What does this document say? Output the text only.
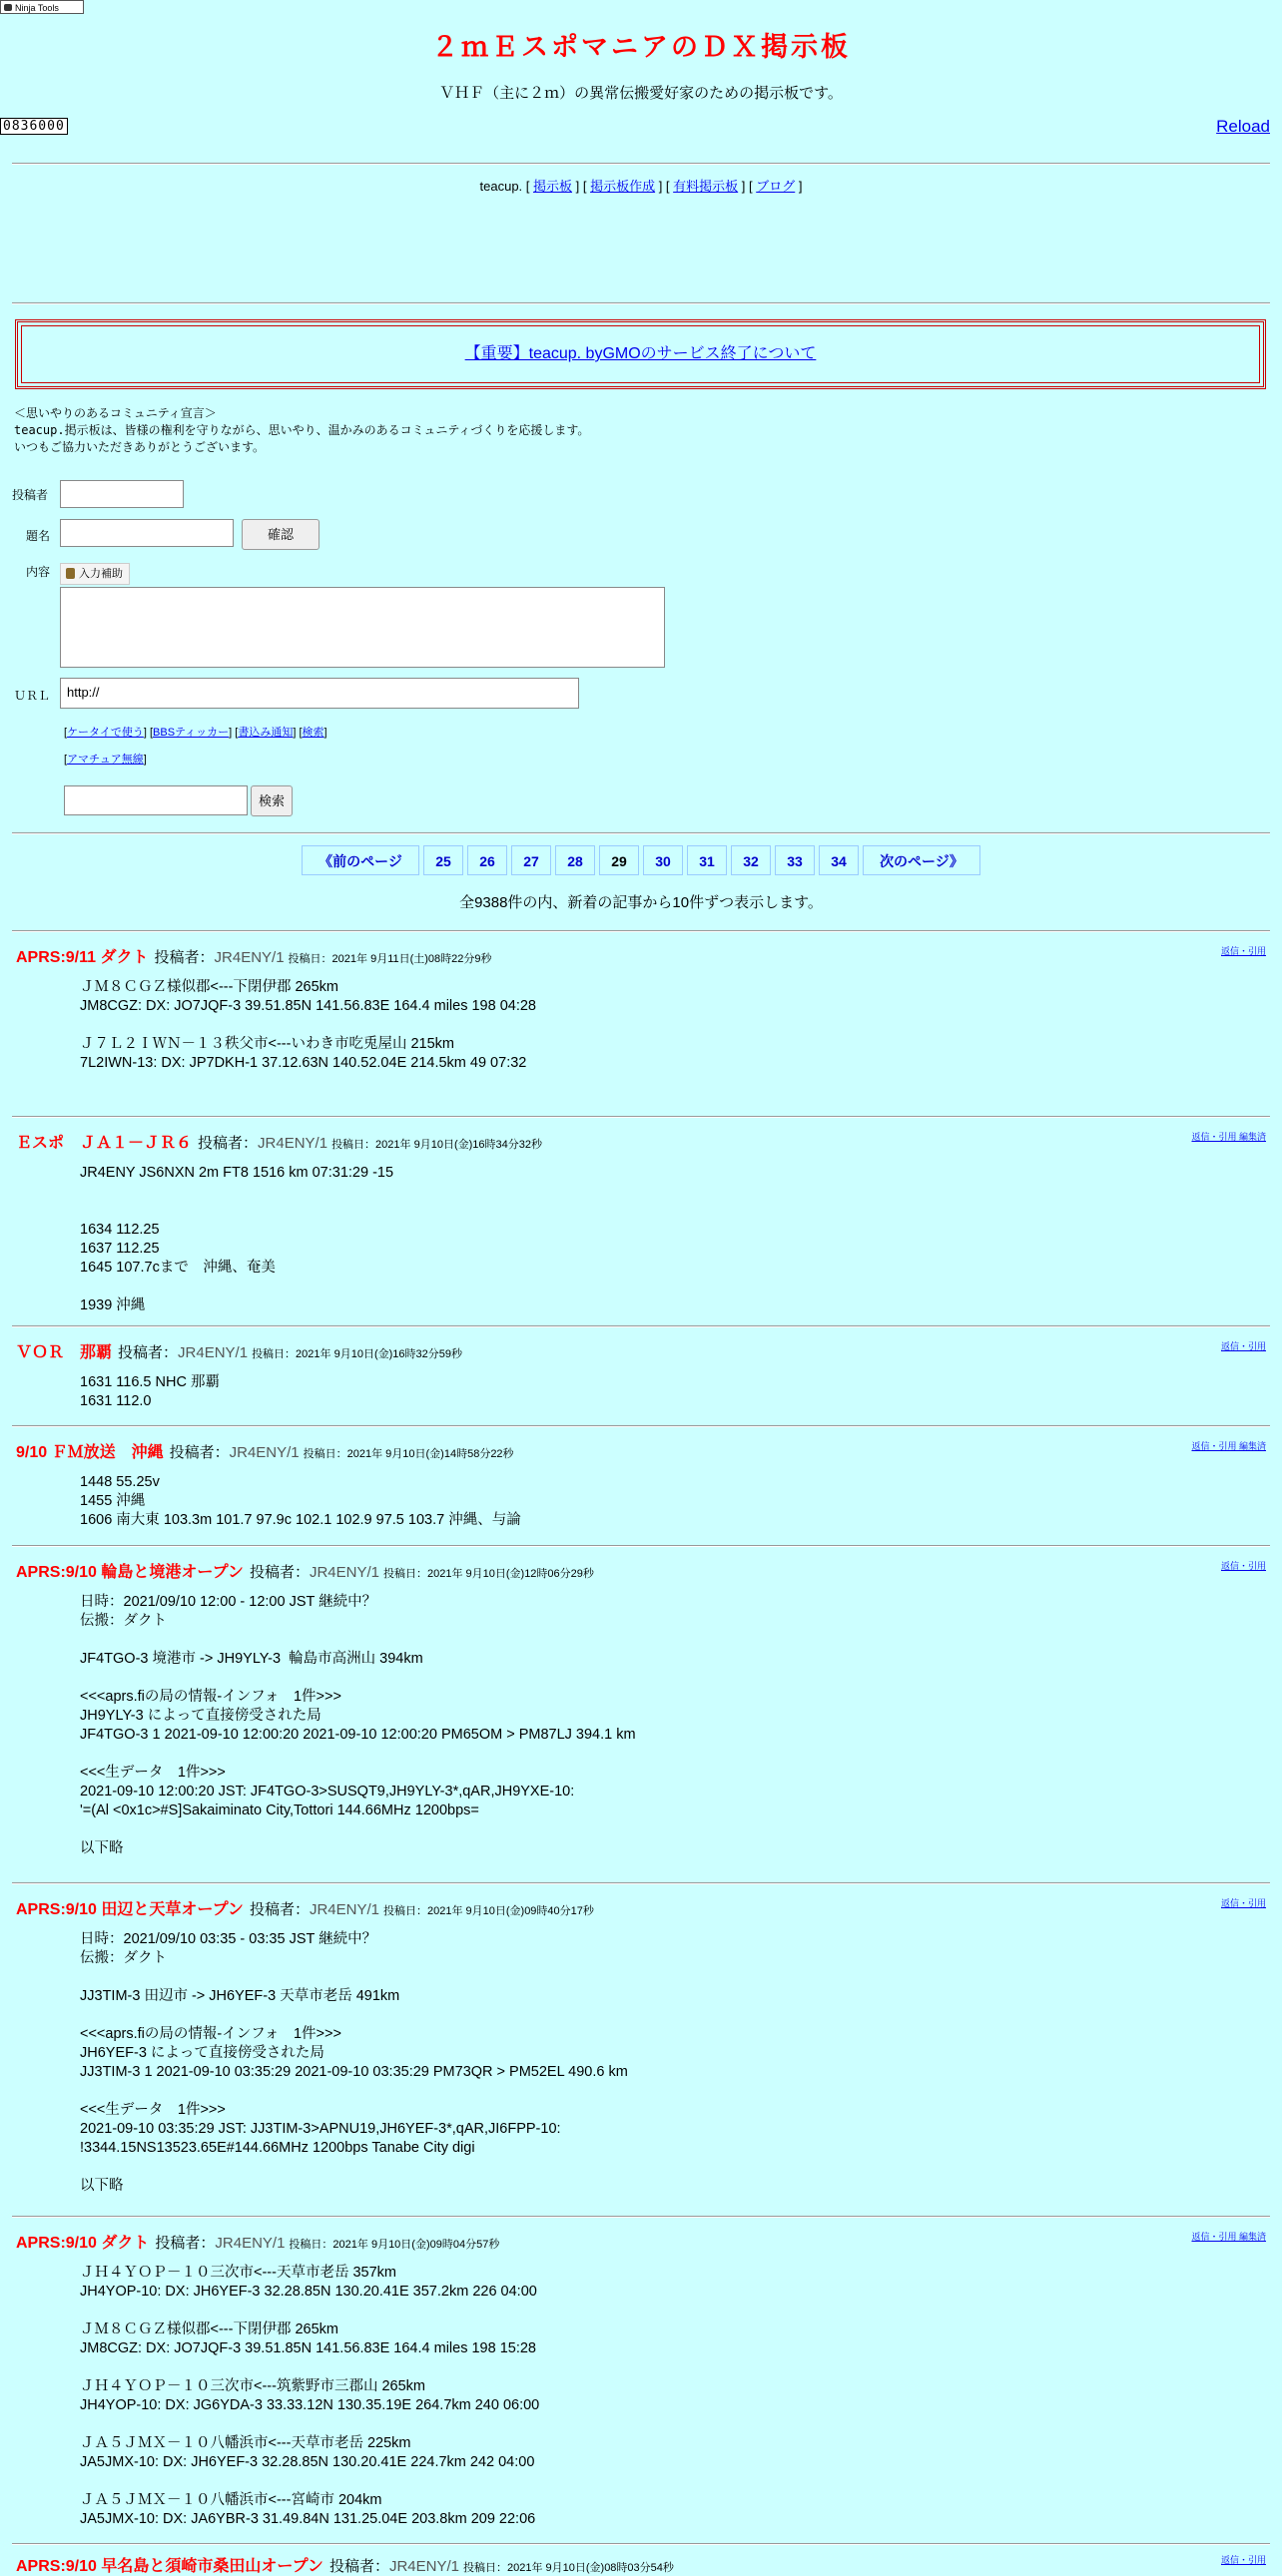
Ninja Tools
２ｍＥスポマニアのＤＸ掲示板
ＶＨＦ（主に２ｍ）の異常伝搬愛好家のための掲示板です。
0836000	Reload
teacup. [ 掲示板 ] [ 掲示板作成 ] [ 有料掲示板 ] [ ブログ ]
【重要】teacup. byGMOのサービス終了について
＜思いやりのあるコミュニティ宣言＞
teacup.掲示板は、皆様の権利を守りながら、思いやり、温かみのあるコミュニティづくりを応援します。
いつもご協力いただきありがとうございます。
投稿者
題名	確認
内容	入力補助
ＵＲＬ	http://
[ケータイで使う] [BBSティッカー] [書込み通知] [検索]
[アマチュア無線]
検索
《前のページ	25	26	27	28	29	30	31	32	33	34	次のページ》
全9388件の内、新着の記事から10件ずつ表示します。
APRS:9/11 ダクト 投稿者：JR4ENY/1 投稿日：2021年 9月11日(土)08時22分9秒
返信・引用
ＪＭ８ＣＧＺ様似郡<---下閉伊郡 265km
JM8CGZ: DX: JO7JQF-3 39.51.85N 141.56.83E 164.4 miles 198 04:28

Ｊ７Ｌ２ＩＷＮ－１３秩父市<---いわき市吃兎屋山 215km
7L2IWN-13: DX: JP7DKH-1 37.12.63N 140.52.04E 214.5km 49 07:32
Ｅスポ　ＪＡ１－ＪＲ６ 投稿者：JR4ENY/1 投稿日：2021年 9月10日(金)16時34分32秒
返信・引用 編集済
JR4ENY JS6NXN 2m FT8 1516 km 07:31:29 -15

1634 112.25
1637 112.25
1645 107.7cまで　沖縄、奄美

1939 沖縄
ＶＯＲ　那覇 投稿者：JR4ENY/1 投稿日：2021年 9月10日(金)16時32分59秒
返信・引用
1631 116.5 NHC 那覇
1631 112.0
9/10 ＦＭ放送　沖縄 投稿者：JR4ENY/1 投稿日：2021年 9月10日(金)14時58分22秒
返信・引用 編集済
1448 55.25v
1455 沖縄
1606 南大東 103.3m 101.7 97.9c 102.1 102.9 97.5 103.7 沖縄、与論
APRS:9/10 輪島と境港オープン 投稿者：JR4ENY/1 投稿日：2021年 9月10日(金)12時06分29秒
返信・引用
日時：2021/09/10 12:00 - 12:00 JST 継続中？
伝搬：ダクト

JF4TGO-3 境港市 -> JH9YLY-3  輪島市高洲山 394km

<<<aprs.fiの局の情報-インフォ　1件>>>
JH9YLY-3 によって直接傍受された局
JF4TGO-3 1 2021-09-10 12:00:20 2021-09-10 12:00:20 PM65OM > PM87LJ 394.1 km

<<<生データ　1件>>>
2021-09-10 12:00:20 JST: JF4TGO-3>SUSQT9,JH9YLY-3*,qAR,JH9YXE-10:
'=(Al <0x1c>#S]Sakaiminato City,Tottori 144.66MHz 1200bps=

以下略
APRS:9/10 田辺と天草オープン 投稿者：JR4ENY/1 投稿日：2021年 9月10日(金)09時40分17秒
返信・引用
日時：2021/09/10 03:35 - 03:35 JST 継続中？
伝搬：ダクト

JJ3TIM-3 田辺市 -> JH6YEF-3 天草市老岳 491km

<<<aprs.fiの局の情報-インフォ　1件>>>
JH6YEF-3 によって直接傍受された局
JJ3TIM-3 1 2021-09-10 03:35:29 2021-09-10 03:35:29 PM73QR > PM52EL 490.6 km

<<<生データ　1件>>>
2021-09-10 03:35:29 JST: JJ3TIM-3>APNU19,JH6YEF-3*,qAR,JI6FPP-10:
!3344.15NS13523.65E#144.66MHz 1200bps Tanabe City digi

以下略
APRS:9/10 ダクト 投稿者：JR4ENY/1 投稿日：2021年 9月10日(金)09時04分57秒
返信・引用 編集済
ＪＨ４ＹＯＰ－１０三次市<---天草市老岳 357km
JH4YOP-10: DX: JH6YEF-3 32.28.85N 130.20.41E 357.2km 226 04:00

ＪＭ８ＣＧＺ様似郡<---下閉伊郡 265km
JM8CGZ: DX: JO7JQF-3 39.51.85N 141.56.83E 164.4 miles 198 15:28

ＪＨ４ＹＯＰ－１０三次市<---筑紫野市三郡山 265km
JH4YOP-10: DX: JG6YDA-3 33.33.12N 130.35.19E 264.7km 240 06:00

ＪＡ５ＪＭＸ－１０八幡浜市<---天草市老岳 225km
JA5JMX-10: DX: JH6YEF-3 32.28.85N 130.20.41E 224.7km 242 04:00

ＪＡ５ＪＭＸ－１０八幡浜市<---宮崎市 204km
JA5JMX-10: DX: JA6YBR-3 31.49.84N 131.25.04E 203.8km 209 22:06
APRS:9/10 早名島と須崎市桑田山オープン 投稿者：JR4ENY/1 投稿日：2021年 9月10日(金)08時03分54秒
返信・引用
